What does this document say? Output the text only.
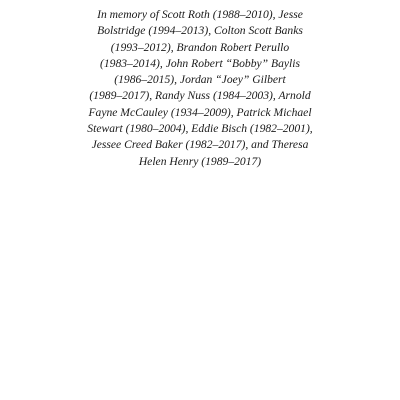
In memory of Scott Roth (1988–2010), Jesse
Bolstridge (1994–2013), Colton Scott Banks
(1993–2012), Brandon Robert Perullo
(1983–2014), John Robert “Bobby” Baylis
(1986–2015), Jordan “Joey” Gilbert
(1989–2017), Randy Nuss (1984–2003), Arnold
Fayne McCauley (1934–2009), Patrick Michael
Stewart (1980–2004), Eddie Bisch (1982–2001),
Jessee Creed Baker (1982–2017), and Theresa
Helen Henry (1989–2017)
